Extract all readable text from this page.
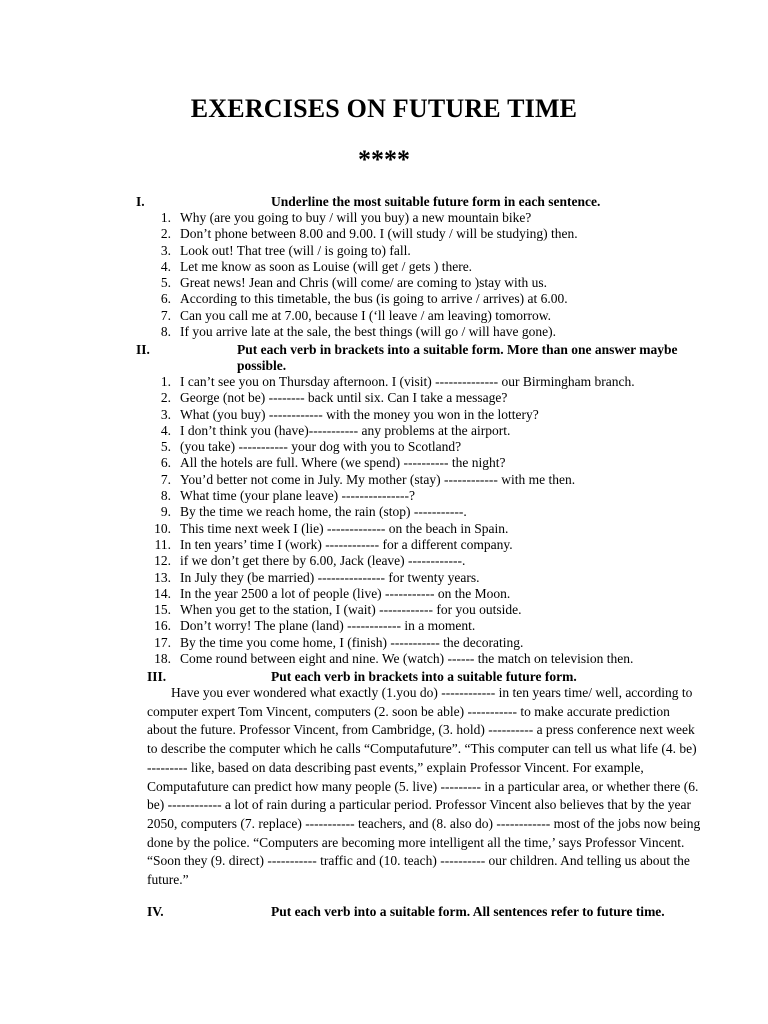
EXERCISES ON FUTURE TIME
****
I.	Underline the most suitable future form in each sentence.
1. Why (are you going to buy / will you buy) a new mountain bike?
2. Don’t phone between 8.00 and 9.00. I (will study / will be studying) then.
3. Look out! That tree (will / is going to) fall.
4. Let me know as soon as Louise (will get / gets ) there.
5. Great news! Jean and Chris (will come/ are coming to )stay with us.
6. According to this timetable, the bus (is going to arrive / arrives) at 6.00.
7. Can you call me at 7.00, because I (‘ll leave / am leaving) tomorrow.
8. If you arrive late at the sale, the best things (will go / will have gone).
II.	Put each verb in brackets into a suitable form. More than one answer maybe possible.
1. I can’t see you on Thursday afternoon. I (visit) -------------- our Birmingham branch.
2. George (not be) -------- back until six. Can I take a message?
3. What (you buy) ------------ with the money you won in the lottery?
4. I don’t think you (have)----------- any problems at the airport.
5. (you take) ----------- your dog with you to Scotland?
6. All the hotels are full. Where (we spend) ---------- the night?
7. You’d better not come in July. My mother (stay) ------------ with me then.
8. What time (your plane leave) ---------------?
9. By the time we reach home, the rain (stop) -----------.
10. This time next week I (lie) ------------- on the beach in Spain.
11. In ten years’ time I (work) ------------ for a different company.
12. if we don’t get there by 6.00, Jack (leave) ------------.
13. In July they (be married) --------------- for twenty years.
14. In the year 2500 a lot of people (live) ----------- on the Moon.
15. When you get to the station, I (wait) ------------ for you outside.
16. Don’t worry! The plane (land) ------------ in a moment.
17. By the time you come home, I (finish) ----------- the decorating.
18. Come round between eight and nine. We (watch) ------ the match on television then.
III.	Put each verb in brackets into a suitable future form.

Have you ever wondered what exactly (1.you do) ------------ in ten years time/ well, according to computer expert Tom Vincent, computers (2. soon be able) ----------- to make accurate prediction about the future. Professor Vincent, from Cambridge, (3. hold) ---------- a press conference next week to describe the computer which he calls “Computafuture”. “This computer can tell us what life (4. be) --------- like, based on data describing past events,” explain Professor Vincent. For example, Computafuture can predict how many people (5. live) --------- in a particular area, or whether there (6. be) ------------ a lot of rain during a particular period. Professor Vincent also believes that by the year 2050, computers (7. replace) ----------- teachers, and (8. also do) ------------ most of the jobs now being done by the police. “Computers are becoming more intelligent all the time,’ says Professor Vincent. “Soon they (9. direct) ----------- traffic and (10. teach) ---------- our children. And telling us about the future.”

IV.	Put each verb into a suitable form. All sentences refer to future time.
